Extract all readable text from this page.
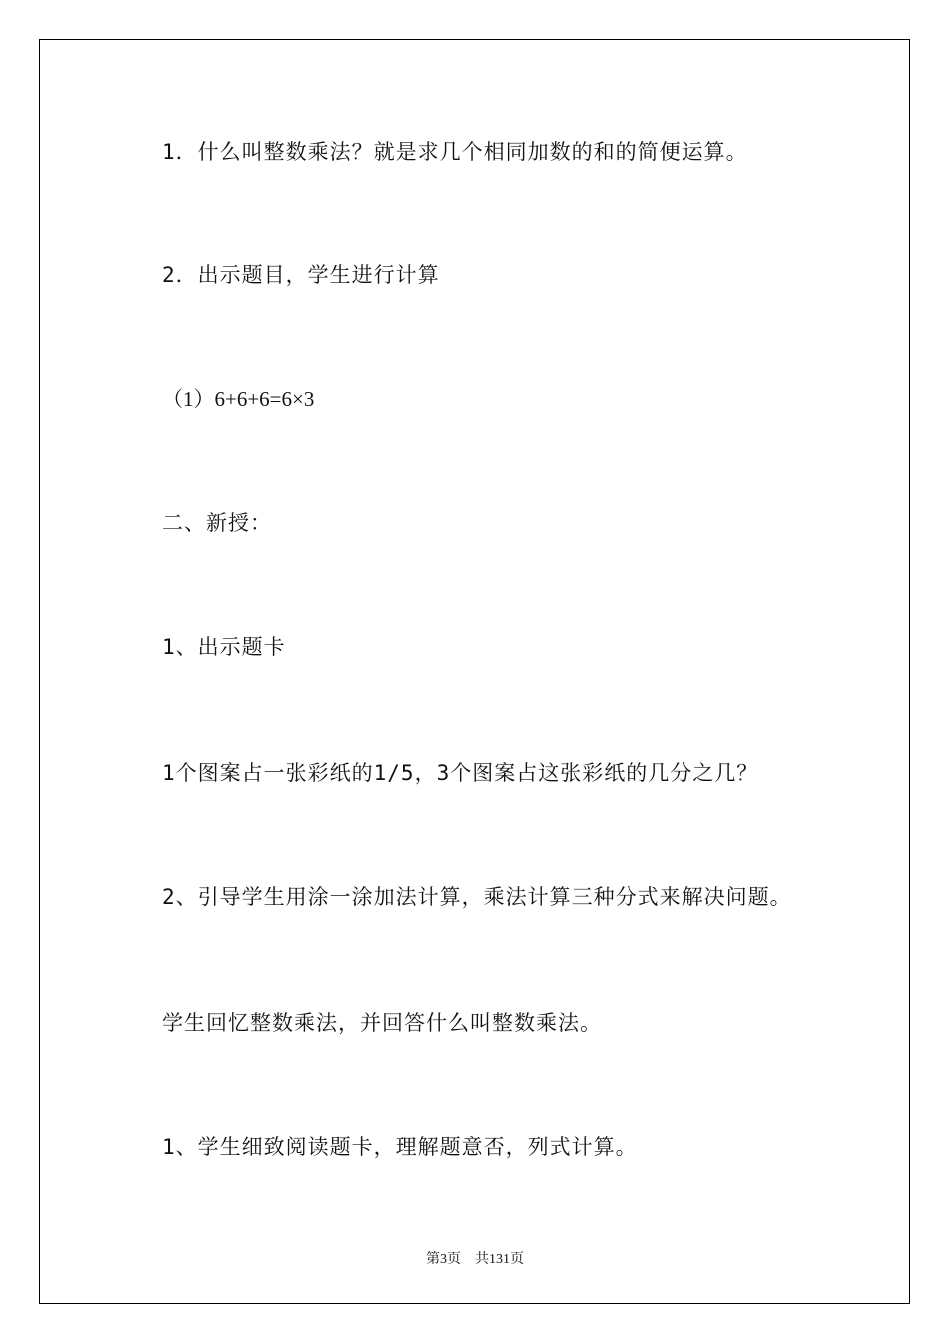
1．什么叫整数乘法？就是求几个相同加数的和的简便运算。
2．出示题目，学生进行计算
（1）6+6+6=6×3
二、新授：
1、出示题卡
1个图案占一张彩纸的1/5，3个图案占这张彩纸的几分之几？
2、引导学生用涂一涂加法计算，乘法计算三种分式来解决问题。
学生回忆整数乘法，并回答什么叫整数乘法。
1、学生细致阅读题卡，理解题意否，列式计算。
第3页 共131页
